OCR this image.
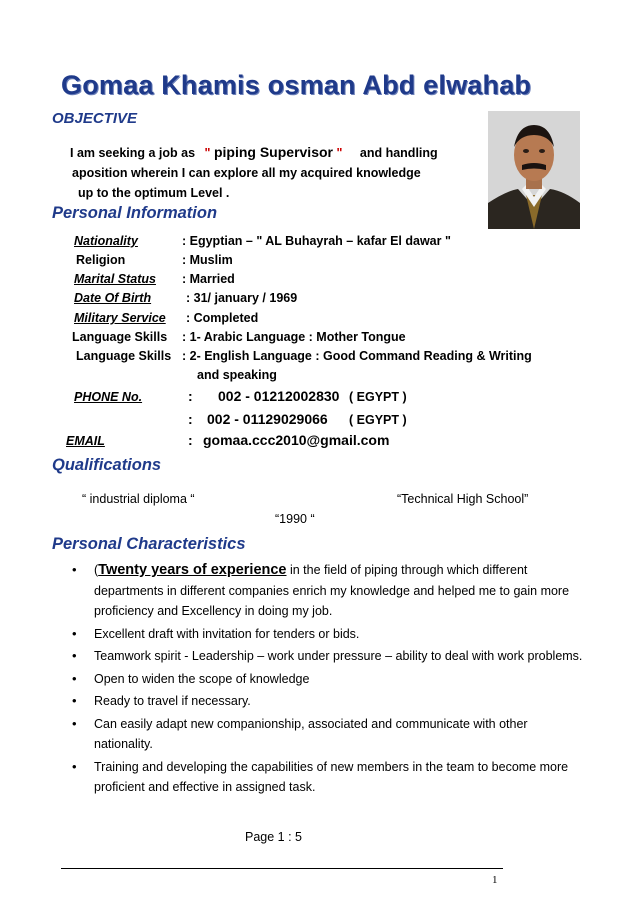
Gomaa Khamis osman Abd elwahab
OBJECTIVE
I am seeking a job as " piping Supervisor " and handling
aposition wherein I can explore all my acquired knowledge
up to the optimum Level .
Personal Information
Nationality	: Egyptian – " AL Buhayrah – kafar El dawar "
Religion	: Muslim
Marital Status : Married
Date Of Birth	: 31/ january / 1969
Military Service : Completed
Language Skills : 1- Arabic Language : Mother Tongue
Language Skills : 2- English Language : Good Command Reading & Writing
and speaking
PHONE No.	: 002 - 01212002830 ( EGYPT )
: 002 - 01129029066 ( EGYPT )
EMAIL	: gomaa.ccc2010@gmail.com
Qualifications
“ industrial diploma “	“Technical High School”
“1990 “
Personal Characteristics
• (Twenty years of experience in the field of piping through which different departments in different companies enrich my knowledge and helped me to gain more proficiency and Excellency in doing my job.
• Excellent draft with invitation for tenders or bids.
• Teamwork spirit - Leadership – work under pressure – ability to deal with work problems.
• Open to widen the scope of knowledge
• Ready to travel if necessary.
• Can easily adapt new companionship, associated and communicate with other nationality.
• Training and developing the capabilities of new members in the team to become more proficient and effective in assigned task.
Page 1 : 5
1
